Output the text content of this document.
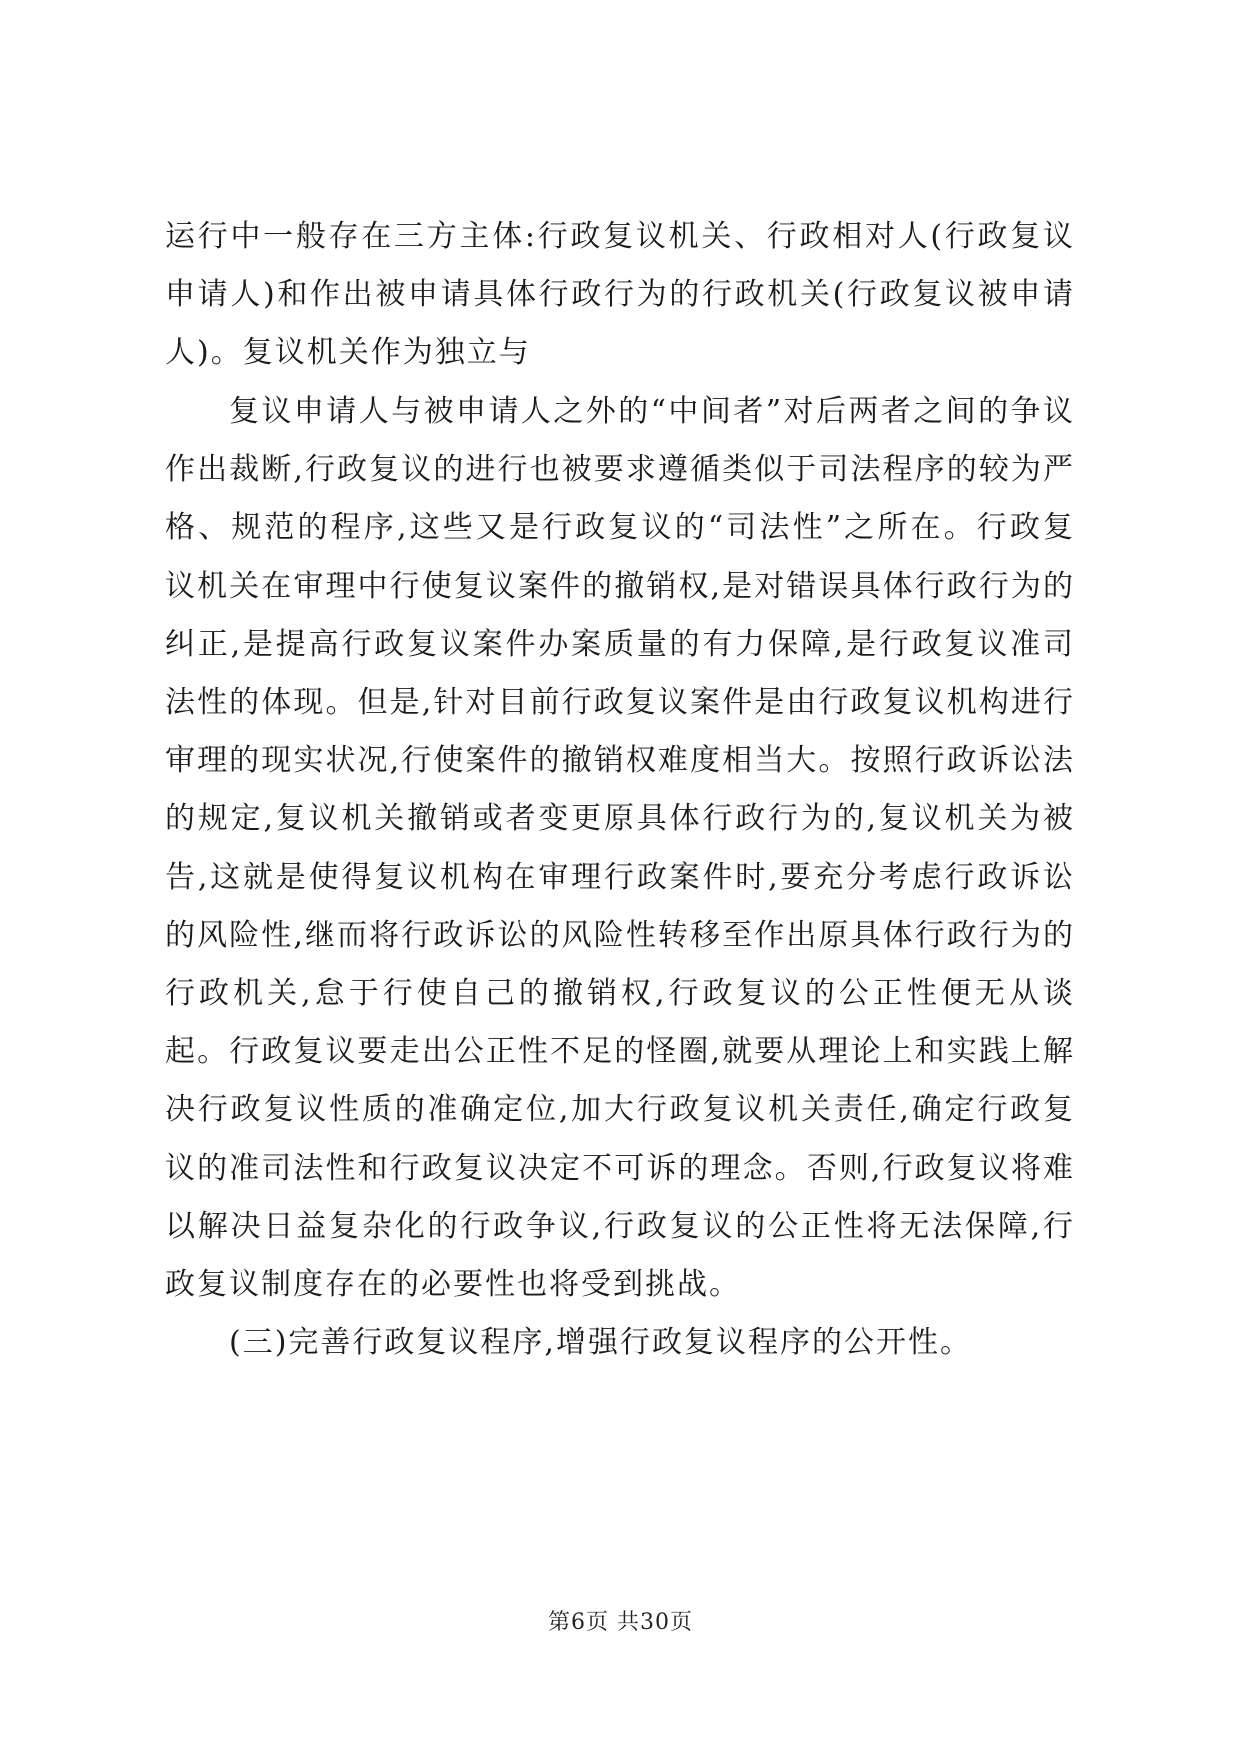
运行中一般存在三方主体:行政复议机关、行政相对人(行政复议申请人)和作出被申请具体行政行为的行政机关(行政复议被申请人)。复议机关作为独立与

复议申请人与被申请人之外的“中间者”对后两者之间的争议作出裁断,行政复议的进行也被要求遵循类似于司法程序的较为严格、规范的程序,这些又是行政复议的“司法性”之所在。行政复议机关在审理中行使复议案件的撤销权,是对错误具体行政行为的纠正,是提高行政复议案件办案质量的有力保障,是行政复议准司法性的体现。但是,针对目前行政复议案件是由行政复议机构进行审理的现实状况,行使案件的撤销权难度相当大。按照行政诉讼法的规定,复议机关撤销或者变更原具体行政行为的,复议机关为被告,这就是使得复议机构在审理行政案件时,要充分考虑行政诉讼的风险性,继而将行政诉讼的风险性转移至作出原具体行政行为的行政机关,怠于行使自己的撤销权,行政复议的公正性便无从谈起。行政复议要走出公正性不足的怪圈,就要从理论上和实践上解决行政复议性质的准确定位,加大行政复议机关责任,确定行政复议的准司法性和行政复议决定不可诉的理念。否则,行政复议将难以解决日益复杂化的行政争议,行政复议的公正性将无法保障,行政复议制度存在的必要性也将受到挑战。

(三)完善行政复议程序,增强行政复议程序的公开性。

第6页 共30页
